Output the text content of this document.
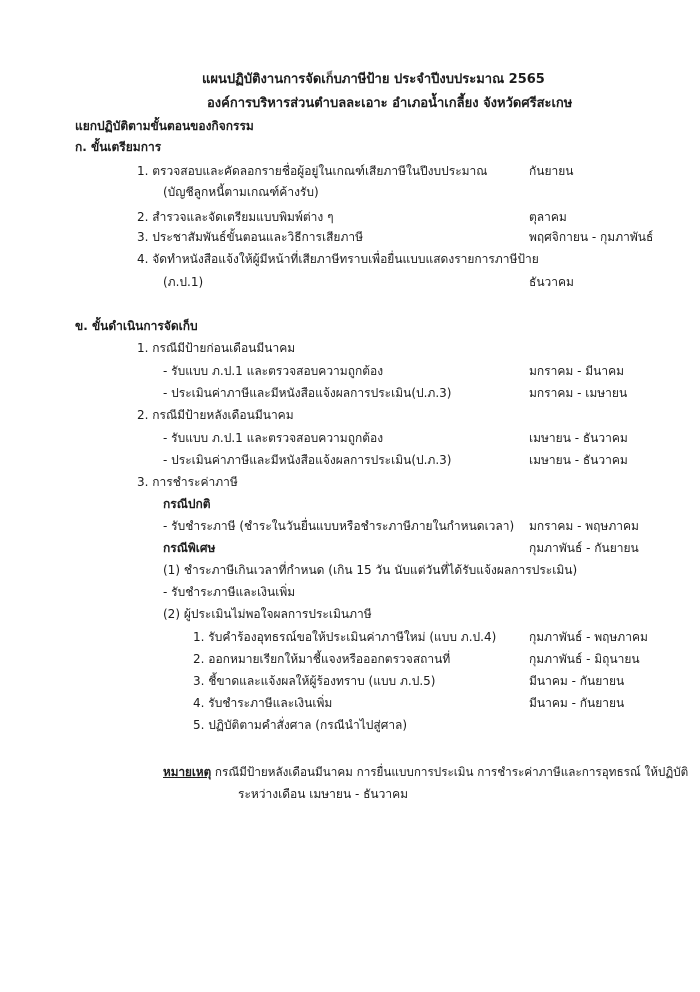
แผนปฏิบัติงานการจัดเก็บภาษีป้าย ประจำปีงบประมาณ 2565
องค์การบริหารส่วนตำบลละเอาะ อำเภอน้ำเกลี้ยง จังหวัดศรีสะเกษ
แยกปฏิบัติตามขั้นตอนของกิจกรรม
ก. ขั้นเตรียมการ
1. ตรวจสอบและคัดลอกรายชื่อผู้อยู่ในเกณฑ์เสียภาษีในปีงบประมาณ	กันยายน
(บัญชีลูกหนี้ตามเกณฑ์ค้างรับ)
2. สำรวจและจัดเตรียมแบบพิมพ์ต่าง ๆ	ตุลาคม
3. ประชาสัมพันธ์ขั้นตอนและวิธีการเสียภาษี	พฤศจิกายน - กุมภาพันธ์
4. จัดทำหนังสือแจ้งให้ผู้มีหน้าที่เสียภาษีทราบเพื่อยื่นแบบแสดงรายการภาษีป้าย
(ภ.ป.1)	ธันวาคม
ข. ขั้นดำเนินการจัดเก็บ
1. กรณีมีป้ายก่อนเดือนมีนาคม
- รับแบบ ภ.ป.1 และตรวจสอบความถูกต้อง	มกราคม - มีนาคม
- ประเมินค่าภาษีและมีหนังสือแจ้งผลการประเมิน(ป.ภ.3)	มกราคม - เมษายน
2. กรณีมีป้ายหลังเดือนมีนาคม
- รับแบบ ภ.ป.1 และตรวจสอบความถูกต้อง	เมษายน - ธันวาคม
- ประเมินค่าภาษีและมีหนังสือแจ้งผลการประเมิน(ป.ภ.3)	เมษายน - ธันวาคม
3. การชำระค่าภาษี
กรณีปกติ
- รับชำระภาษี (ชำระในวันยื่นแบบหรือชำระภาษีภายในกำหนดเวลา) มกราคม - พฤษภาคม
กรณีพิเศษ	กุมภาพันธ์ - กันยายน
(1) ชำระภาษีเกินเวลาที่กำหนด (เกิน 15 วัน นับแต่วันที่ได้รับแจ้งผลการประเมิน)
- รับชำระภาษีและเงินเพิ่ม
(2) ผู้ประเมินไม่พอใจผลการประเมินภาษี
1. รับคำร้องอุทธรณ์ขอให้ประเมินค่าภาษีใหม่ (แบบ ภ.ป.4)	กุมภาพันธ์ - พฤษภาคม
2. ออกหมายเรียกให้มาชี้แจงหรือออกตรวจสถานที่	กุมภาพันธ์ - มิถุนายน
3. ชี้ขาดและแจ้งผลให้ผู้ร้องทราบ (แบบ ภ.ป.5)	มีนาคม - กันยายน
4. รับชำระภาษีและเงินเพิ่ม	มีนาคม - กันยายน
5. ปฏิบัติตามคำสั่งศาล (กรณีนำไปสู่ศาล)
หมายเหตุ กรณีมีป้ายหลังเดือนมีนาคม การยื่นแบบการประเมิน การชำระค่าภาษีและการอุทธรณ์ ให้ปฏิบัติ
ระหว่างเดือน เมษายน - ธันวาคม
